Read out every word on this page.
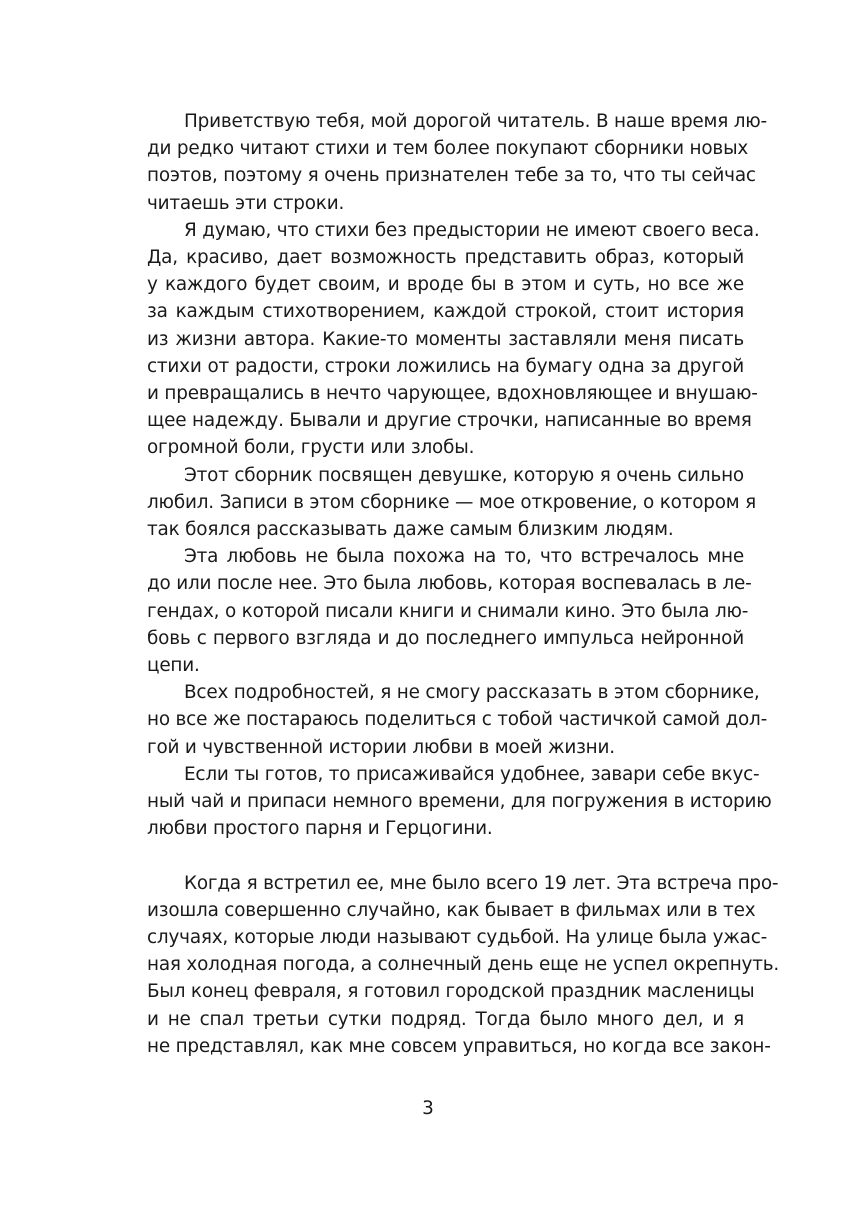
Приветствую тебя, мой дорогой читатель. В наше время лю-
ди редко читают стихи и тем более покупают сборники новых
поэтов, поэтому я очень признателен тебе за то, что ты сейчас
читаешь эти строки.
Я думаю, что стихи без предыстории не имеют своего веса.
Да, красиво, дает возможность представить образ, который
у каждого будет своим, и вроде бы в этом и суть, но все же
за каждым стихотворением, каждой строкой, стоит история
из жизни автора. Какие-то моменты заставляли меня писать
стихи от радости, строки ложились на бумагу одна за другой
и превращались в нечто чарующее, вдохновляющее и внушаю-
щее надежду. Бывали и другие строчки, написанные во время
огромной боли, грусти или злобы.
Этот сборник посвящен девушке, которую я очень сильно
любил. Записи в этом сборнике — мое откровение, о котором я
так боялся рассказывать даже самым близким людям.
Эта любовь не была похожа на то, что встречалось мне
до или после нее. Это была любовь, которая воспевалась в ле-
гендах, о которой писали книги и снимали кино. Это была лю-
бовь с первого взгляда и до последнего импульса нейронной
цепи.
Всех подробностей, я не смогу рассказать в этом сборнике,
но все же постараюсь поделиться с тобой частичкой самой дол-
гой и чувственной истории любви в моей жизни.
Если ты готов, то присаживайся удобнее, завари себе вкус-
ный чай и припаси немного времени, для погружения в историю
любви простого парня и Герцогини.
Когда я встретил ее, мне было всего 19 лет. Эта встреча про-
изошла совершенно случайно, как бывает в фильмах или в тех
случаях, которые люди называют судьбой. На улице была ужас-
ная холодная погода, а солнечный день еще не успел окрепнуть.
Был конец февраля, я готовил городской праздник масленицы
и не спал третьи сутки подряд. Тогда было много дел, и я
не представлял, как мне совсем управиться, но когда все закон-
3
